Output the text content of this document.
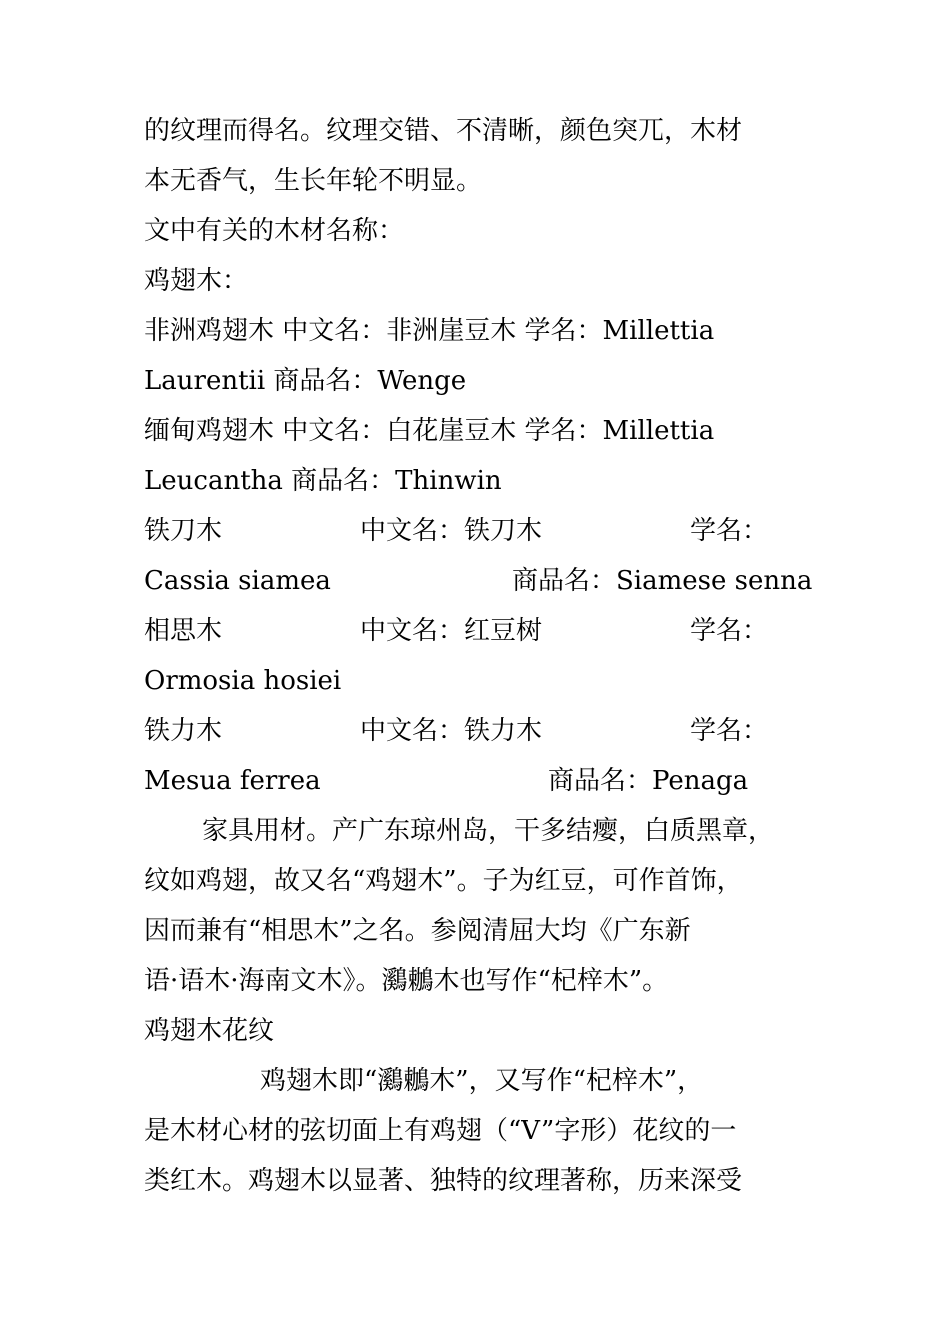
的纹理而得名。纹理交错、不清晰，颜色突兀，木材
本无香气，生长年轮不明显。
文中有关的木材名称：
鸡翅木：
非洲鸡翅木 中文名：非洲崖豆木 学名：Millettia
Laurentii 商品名：Wenge
缅甸鸡翅木 中文名：白花崖豆木 学名：Millettia
Leucantha 商品名：Thinwin
铁刀木	中文名：铁刀木	学名：
Cassia siamea	商品名：Siamese senna
相思木	中文名：红豆树	学名：
Ormosia hosiei
铁力木	中文名：铁力木	学名：
Mesua ferrea	商品名：Penaga
家具用材。产广东琼州岛，干多结瘿，白质黑章，
纹如鸡翅，故又名“鸡翅木”。子为红豆，可作首饰，
因而兼有“相思木”之名。参阅清屈大均《广东新
语·语木·海南文木》。鸂鶒木也写作“杞梓木”。
鸡翅木花纹
鸡翅木即“鸂鶒木”，又写作“杞梓木”，
是木材心材的弦切面上有鸡翅（“V”字形）花纹的一
类红木。鸡翅木以显著、独特的纹理著称，历来深受
